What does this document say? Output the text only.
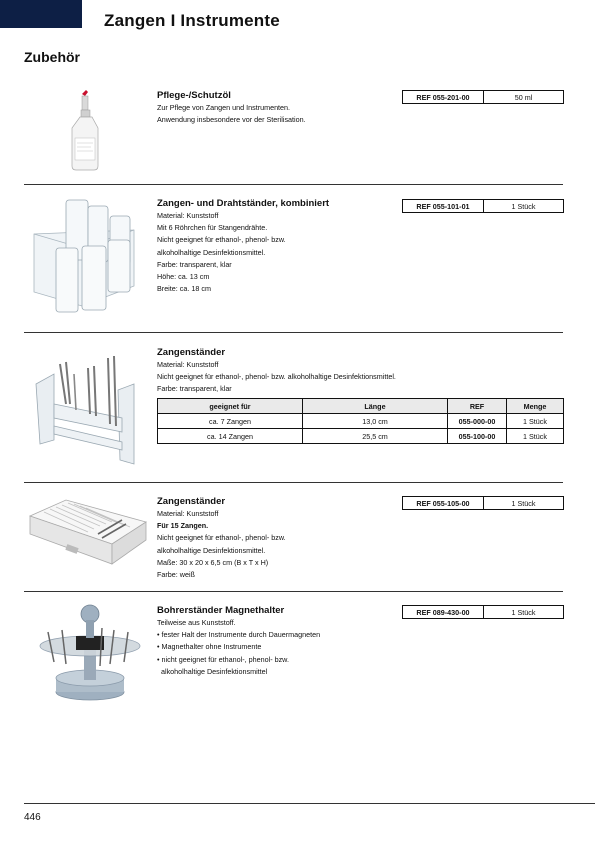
Zangen I Instrumente
Zubehör
Pflege-/Schutzöl
Zur Pflege von Zangen und Instrumenten.
Anwendung insbesondere vor der Sterilisation.
REF 055-201-00	50 ml
Zangen- und Drahtständer, kombiniert
Material: Kunststoff
Mit 6 Röhrchen für Stangendrähte.
Nicht geeignet für ethanol-, phenol- bzw.
alkoholhaltige Desinfektionsmittel.
Farbe: transparent, klar
Höhe: ca. 13 cm
Breite: ca. 18 cm
REF 055-101-01	1 Stück
Zangenständer
Material: Kunststoff
Nicht geeignet für ethanol-, phenol- bzw. alkoholhaltige Desinfektionsmittel.
Farbe: transparent, klar
geeignet für	Länge	REF	Menge
ca. 7 Zangen	13,0 cm	055-000-00	1 Stück
ca. 14 Zangen	25,5 cm	055-100-00	1 Stück
Zangenständer
Material: Kunststoff
Für 15 Zangen.
Nicht geeignet für ethanol-, phenol- bzw.
alkoholhaltige Desinfektionsmittel.
Maße: 30 x 20 x 6,5 cm (B x T x H)
Farbe: weiß
REF 055-105-00	1 Stück
Bohrerständer Magnethalter
Teilweise aus Kunststoff.
• fester Halt der Instrumente durch Dauermagneten
• Magnethalter ohne Instrumente
• nicht geeignet für ethanol-, phenol- bzw.
alkoholhaltige Desinfektionsmittel
REF 089-430-00	1 Stück
446
